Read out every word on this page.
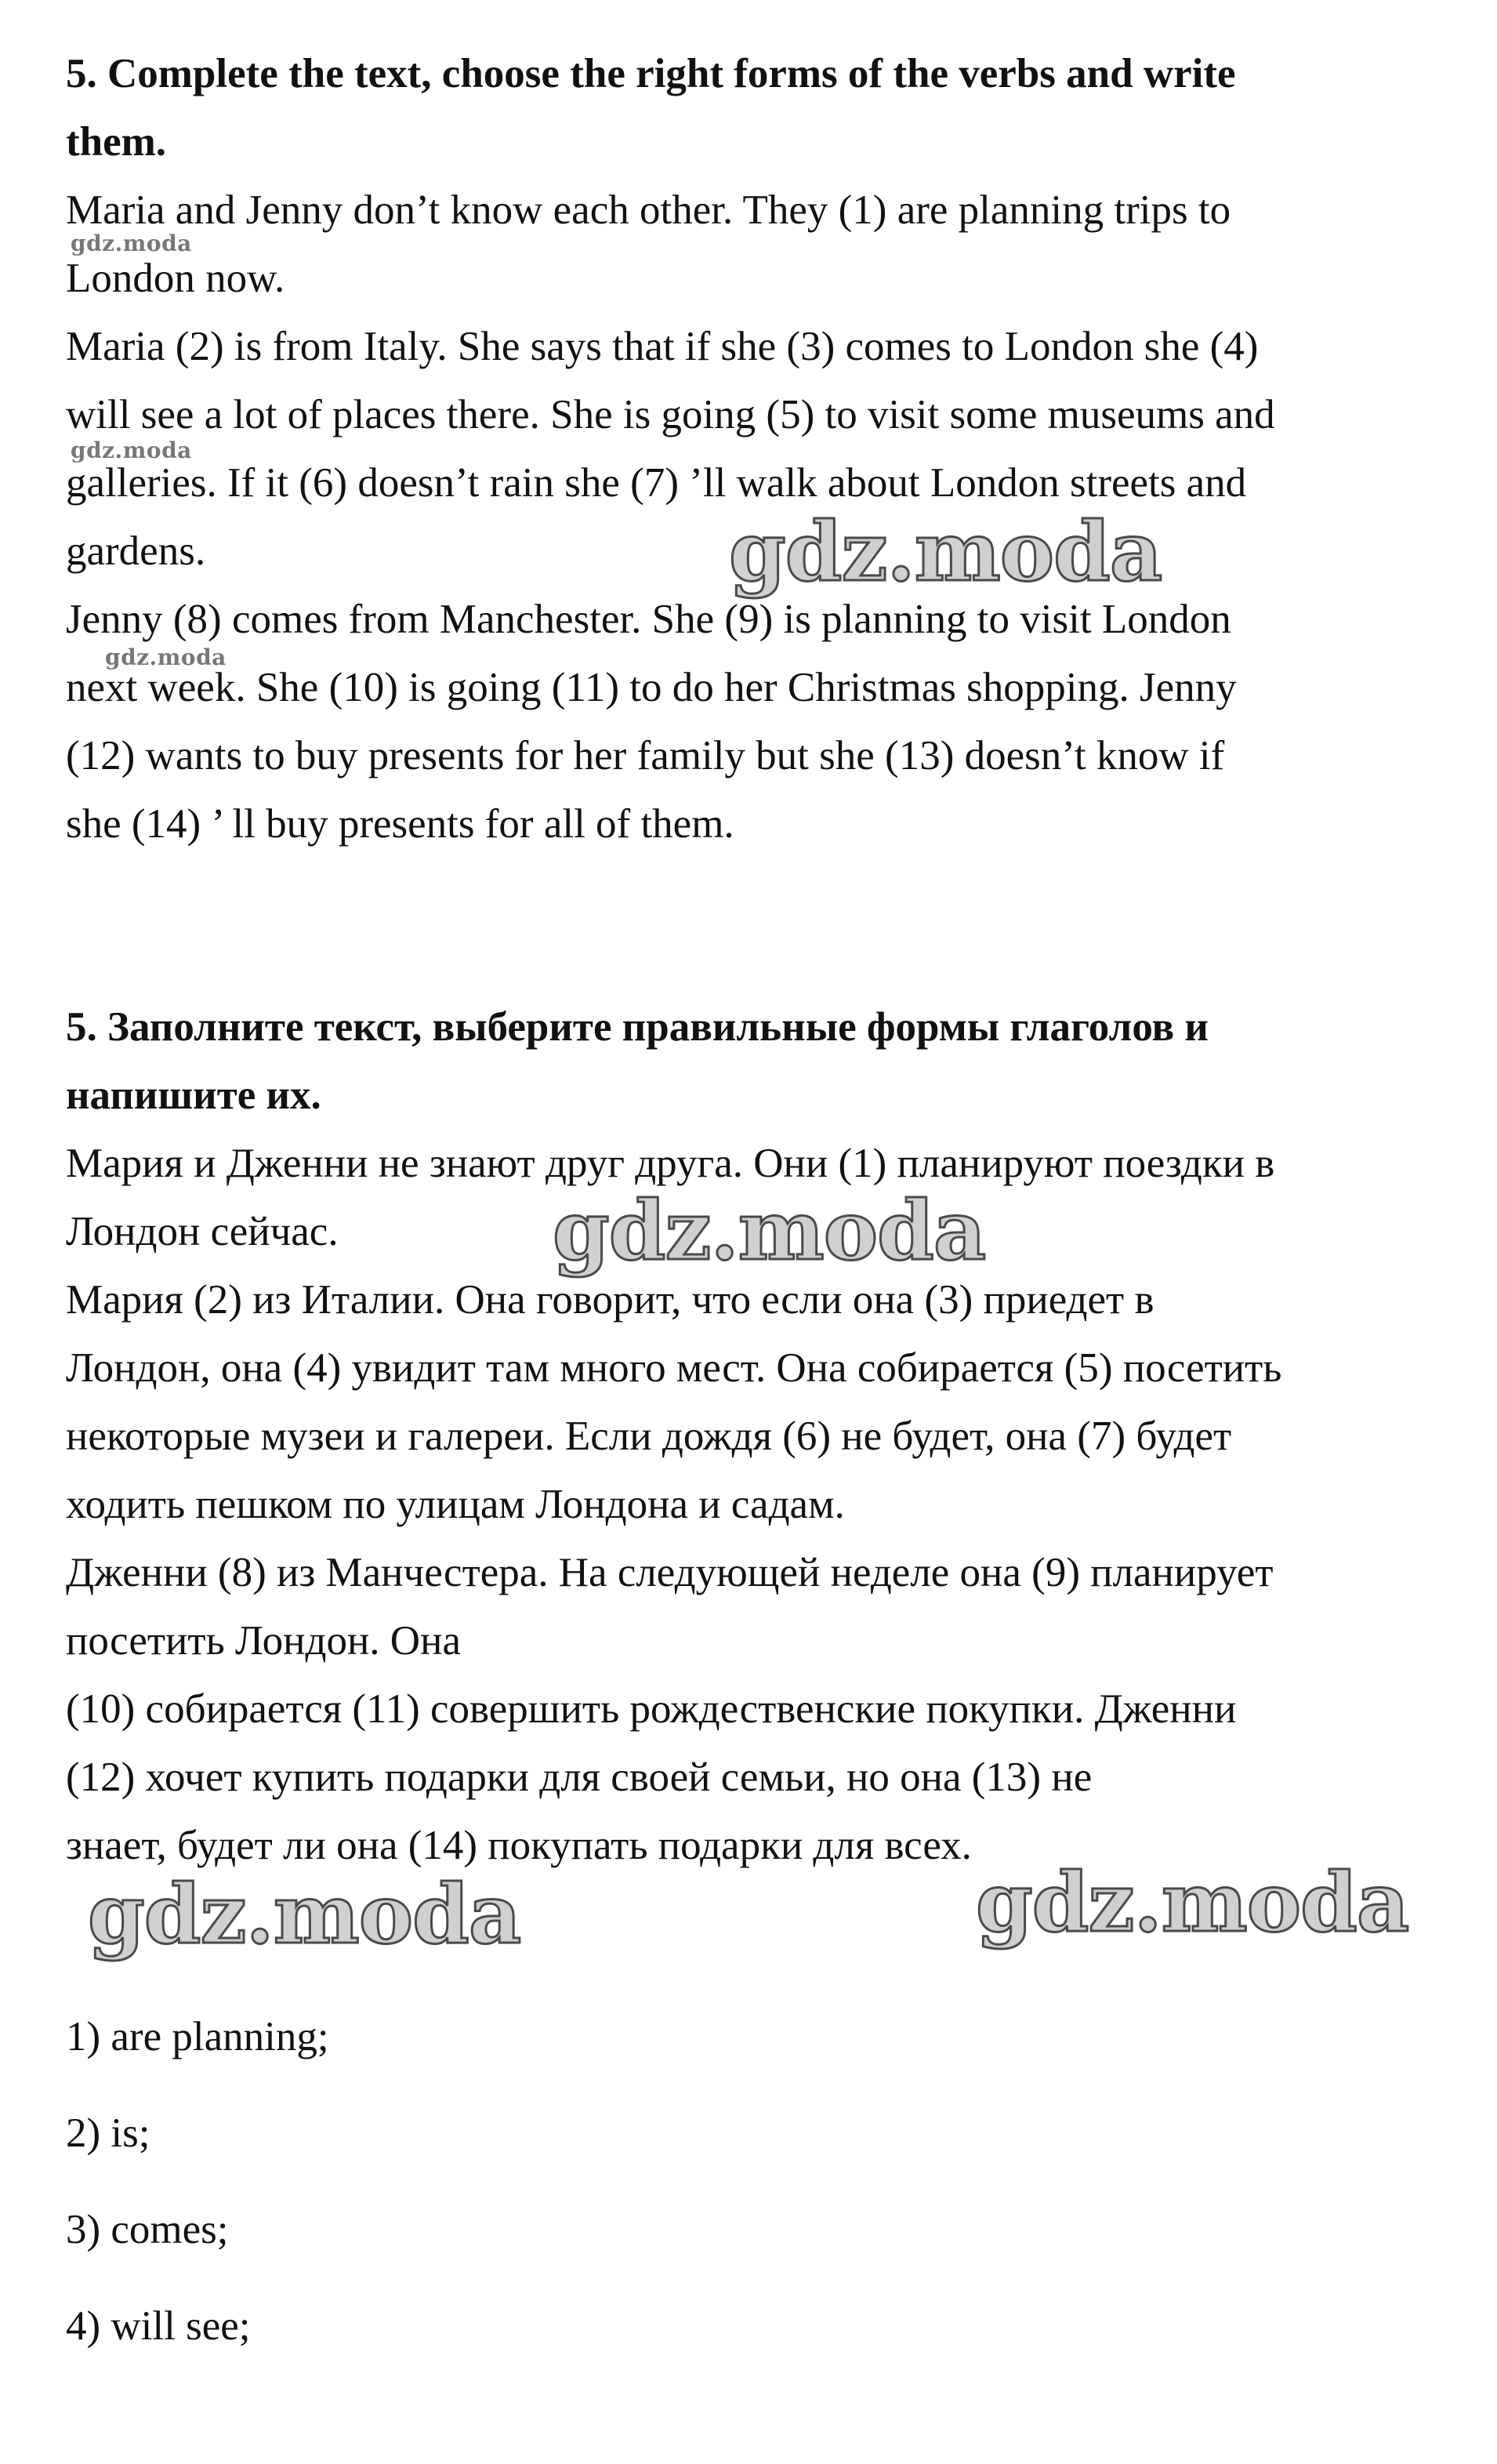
5. Complete the text, choose the right forms of the verbs and write

them.

Maria and Jenny don’t know each other. They (1) are planning trips to

London now.

Maria (2) is from Italy. She says that if she (3) comes to London she (4)

will see a lot of places there. She is going (5) to visit some museums and

galleries. If it (6) doesn’t rain she (7) ’ll walk about London streets and

gardens.

Jenny (8) comes from Manchester. She (9) is planning to visit London

next week. She (10) is going (11) to do her Christmas shopping. Jenny

(12) wants to buy presents for her family but she (13) doesn’t know if

she (14) ’ ll buy presents for all of them.

5. Заполните текст, выберите правильные формы глаголов и

напишите их.

Мария и Дженни не знают друг друга. Они (1) планируют поездки в

Лондон сейчас.

Мария (2) из Италии. Она говорит, что если она (3) приедет в

Лондон, она (4) увидит там много мест. Она собирается (5) посетить

некоторые музеи и галереи. Если дождя (6) не будет, она (7) будет

ходить пешком по улицам Лондона и садам.

Дженни (8) из Манчестера. На следующей неделе она (9) планирует

посетить Лондон. Она

(10) собирается (11) совершить рождественские покупки. Дженни

(12) хочет купить подарки для своей семьи, но она (13) не

знает, будет ли она (14) покупать подарки для всех.

1) are planning;

2) is;

3) comes;

4) will see;

gdz.moda
gdz.moda
gdz.moda
gdz.moda
gdz.moda
gdz.moda	gdz.moda
